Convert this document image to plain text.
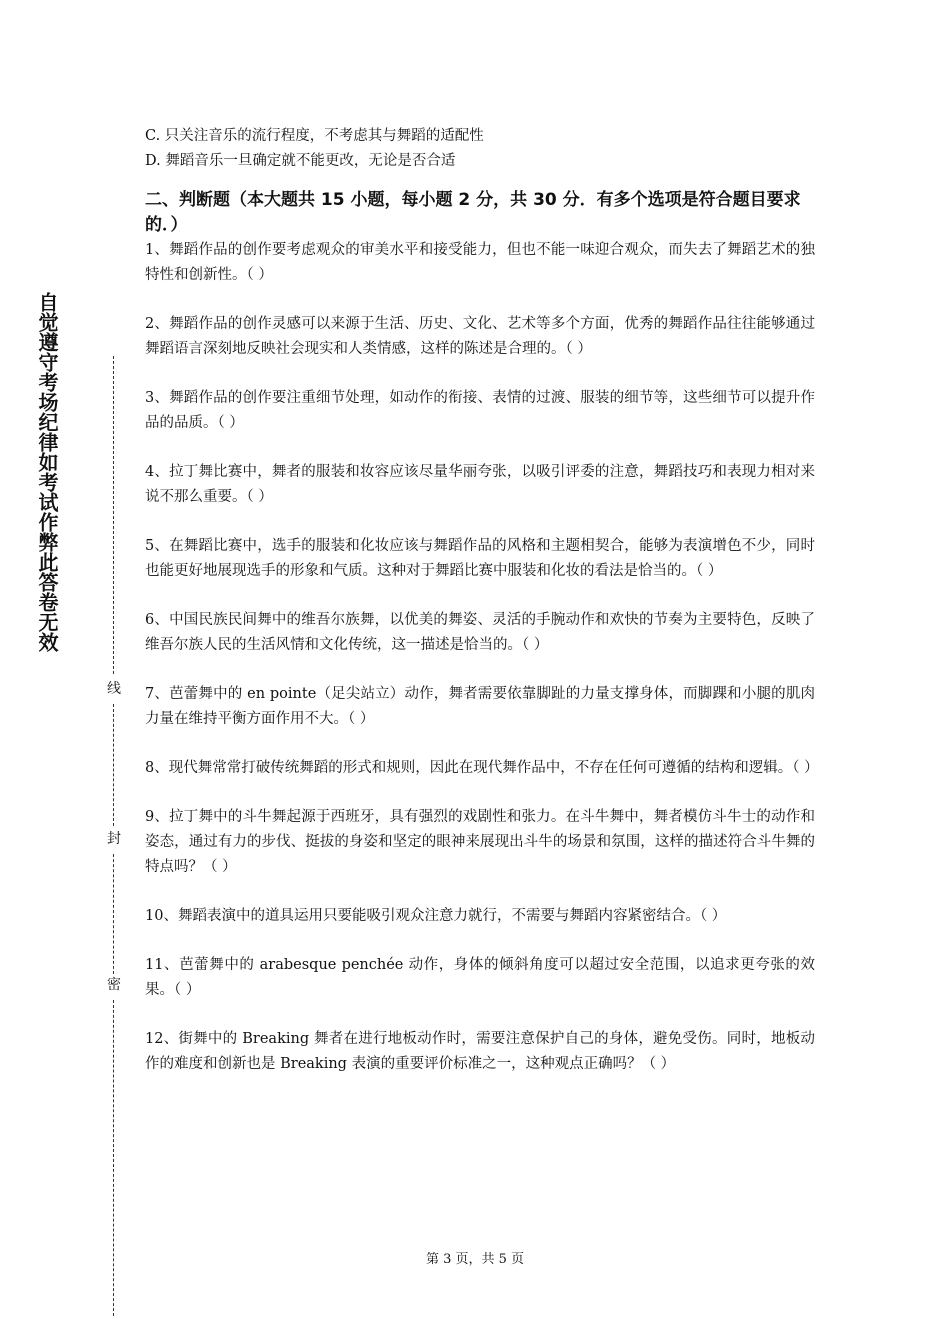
自觉遵守考场纪律如考试作弊此答卷无效
线
封
密

C. 只关注音乐的流行程度，不考虑其与舞蹈的适配性

D. 舞蹈音乐一旦确定就不能更改，无论是否合适

二、判断题（本大题共 15 小题，每小题 2 分，共 30 分．有多个选项是符合题目要求的．）

1、舞蹈作品的创作要考虑观众的审美水平和接受能力，但也不能一味迎合观众，而失去了舞蹈艺术的独特性和创新性。（ ）

2、舞蹈作品的创作灵感可以来源于生活、历史、文化、艺术等多个方面，优秀的舞蹈作品往往能够通过舞蹈语言深刻地反映社会现实和人类情感，这样的陈述是合理的。（ ）

3、舞蹈作品的创作要注重细节处理，如动作的衔接、表情的过渡、服装的细节等，这些细节可以提升作品的品质。（ ）

4、拉丁舞比赛中，舞者的服装和妆容应该尽量华丽夸张，以吸引评委的注意，舞蹈技巧和表现力相对来说不那么重要。（ ）

5、在舞蹈比赛中，选手的服装和化妆应该与舞蹈作品的风格和主题相契合，能够为表演增色不少，同时也能更好地展现选手的形象和气质。这种对于舞蹈比赛中服装和化妆的看法是恰当的。（ ）

6、中国民族民间舞中的维吾尔族舞，以优美的舞姿、灵活的手腕动作和欢快的节奏为主要特色，反映了维吾尔族人民的生活风情和文化传统，这一描述是恰当的。（ ）

7、芭蕾舞中的 en pointe（足尖站立）动作，舞者需要依靠脚趾的力量支撑身体，而脚踝和小腿的肌肉力量在维持平衡方面作用不大。（ ）

8、现代舞常常打破传统舞蹈的形式和规则，因此在现代舞作品中，不存在任何可遵循的结构和逻辑。（ ）

9、拉丁舞中的斗牛舞起源于西班牙，具有强烈的戏剧性和张力。在斗牛舞中，舞者模仿斗牛士的动作和姿态，通过有力的步伐、挺拔的身姿和坚定的眼神来展现出斗牛的场景和氛围，这样的描述符合斗牛舞的特点吗？（ ）

10、舞蹈表演中的道具运用只要能吸引观众注意力就行，不需要与舞蹈内容紧密结合。（ ）

11、芭蕾舞中的 arabesque penchée 动作，身体的倾斜角度可以超过安全范围，以追求更夸张的效果。（ ）

12、街舞中的 Breaking 舞者在进行地板动作时，需要注意保护自己的身体，避免受伤。同时，地板动作的难度和创新也是 Breaking 表演的重要评价标准之一，这种观点正确吗？（ ）

第 3 页，共 5 页
